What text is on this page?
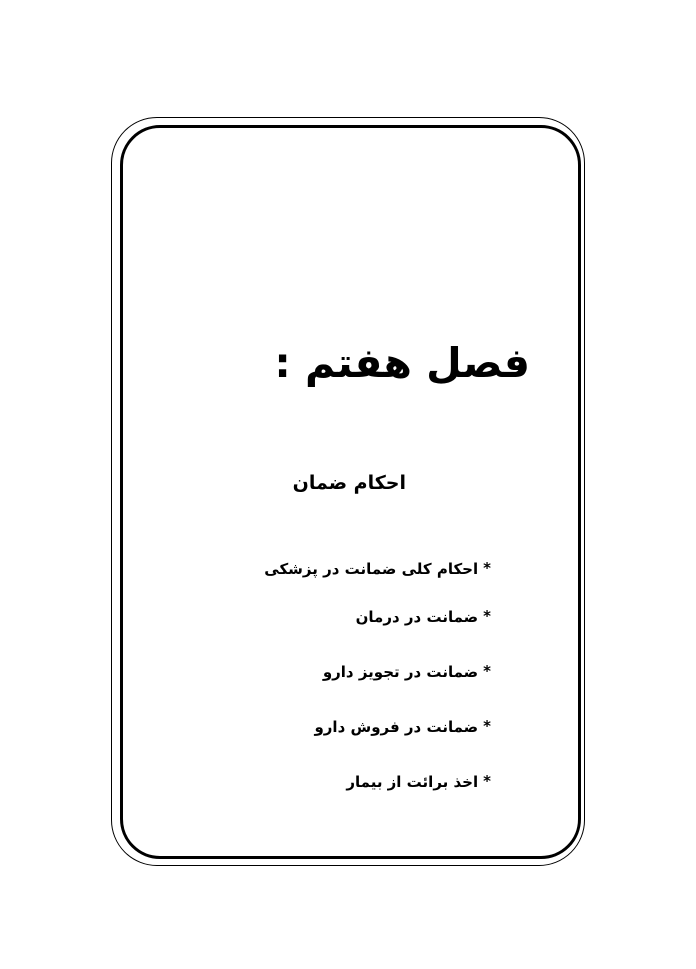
فصل هفتم :
احکام ضمان
*
احکام کلی ضمانت در پزشکی
*
ضمانت در درمان
*
ضمانت در تجویز دارو
*
ضمانت در فروش دارو
*
اخذ برائت از بیمار
